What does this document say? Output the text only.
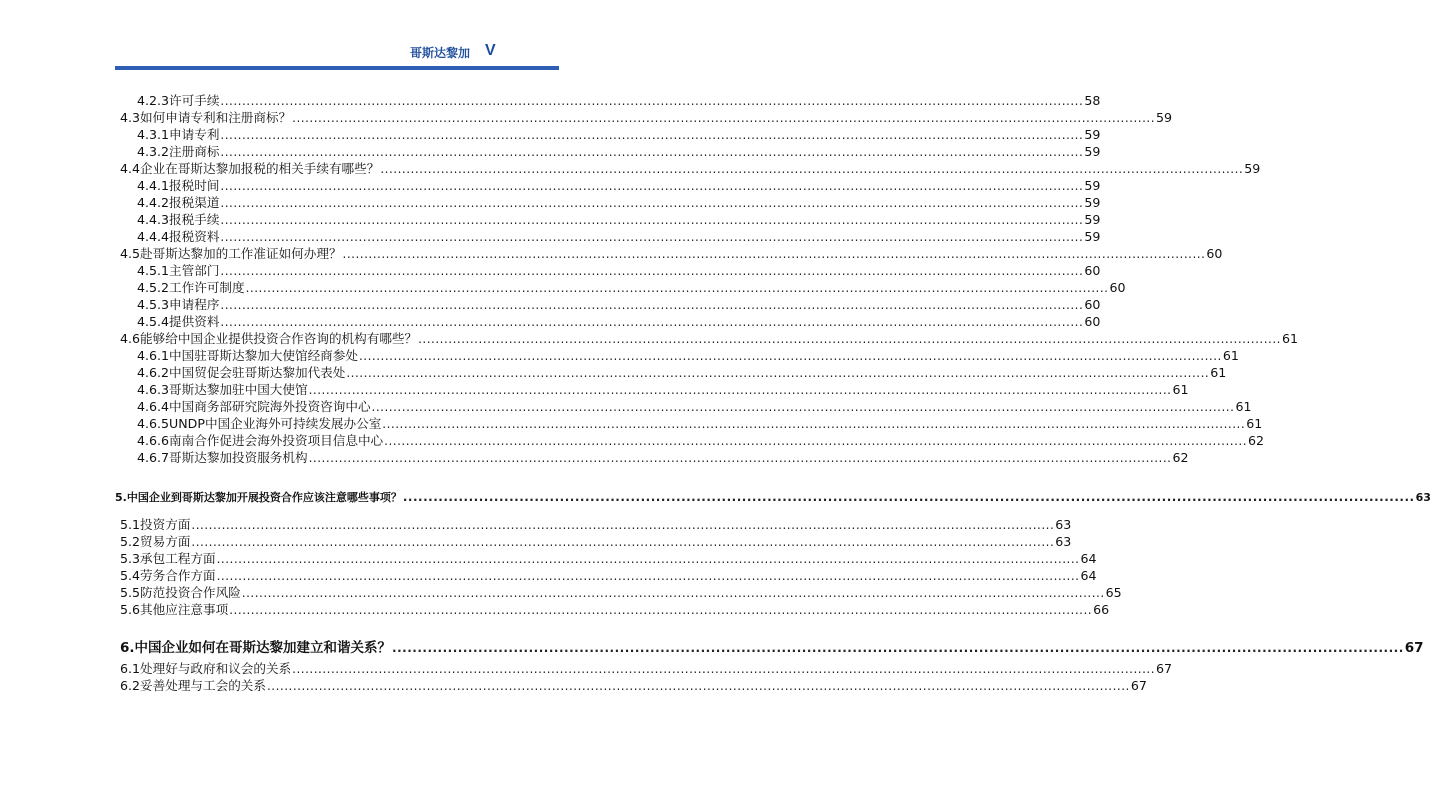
哥斯达黎加 V
4.2.3 许可手续 ........................................................................................................................................................................................................ 58
4.3 如何申请专利和注册商标？ ........................................................................................................................................................................................................ 59
4.3.1 申请专利 ........................................................................................................................................................................................................ 59
4.3.2 注册商标 ........................................................................................................................................................................................................ 59
4.4 企业在哥斯达黎加报税的相关手续有哪些？ ........................................................................................................................................................................................................ 59
4.4.1 报税时间 ........................................................................................................................................................................................................ 59
4.4.2 报税渠道 ........................................................................................................................................................................................................ 59
4.4.3 报税手续 ........................................................................................................................................................................................................ 59
4.4.4 报税资料 ........................................................................................................................................................................................................ 59
4.5 赴哥斯达黎加的工作准证如何办理？ ........................................................................................................................................................................................................ 60
4.5.1 主管部门 ........................................................................................................................................................................................................ 60
4.5.2 工作许可制度 ........................................................................................................................................................................................................ 60
4.5.3 申请程序 ........................................................................................................................................................................................................ 60
4.5.4 提供资料 ........................................................................................................................................................................................................ 60
4.6 能够给中国企业提供投资合作咨询的机构有哪些？ ........................................................................................................................................................................................................ 61
4.6.1 中国驻哥斯达黎加大使馆经商参处 ........................................................................................................................................................................................................ 61
4.6.2 中国贸促会驻哥斯达黎加代表处 ........................................................................................................................................................................................................ 61
4.6.3 哥斯达黎加驻中国大使馆 ........................................................................................................................................................................................................ 61
4.6.4 中国商务部研究院海外投资咨询中心 ........................................................................................................................................................................................................ 61
4.6.5 UNDP中国企业海外可持续发展办公室 ........................................................................................................................................................................................................ 61
4.6.6 南南合作促进会海外投资项目信息中心 ........................................................................................................................................................................................................ 62
4.6.7 哥斯达黎加投资服务机构 ........................................................................................................................................................................................................ 62
5. 中国企业到哥斯达黎加开展投资合作应该注意哪些事项？ ........................................................................................................................................................................................................ 63
5.1 投资方面 ........................................................................................................................................................................................................ 63
5.2 贸易方面 ........................................................................................................................................................................................................ 63
5.3 承包工程方面 ........................................................................................................................................................................................................ 64
5.4 劳务合作方面 ........................................................................................................................................................................................................ 64
5.5 防范投资合作风险 ........................................................................................................................................................................................................ 65
5.6 其他应注意事项 ........................................................................................................................................................................................................ 66
6. 中国企业如何在哥斯达黎加建立和谐关系？ ........................................................................................................................................................................................................ 67
6.1 处理好与政府和议会的关系 ........................................................................................................................................................................................................ 67
6.2 妥善处理与工会的关系 ........................................................................................................................................................................................................ 67
